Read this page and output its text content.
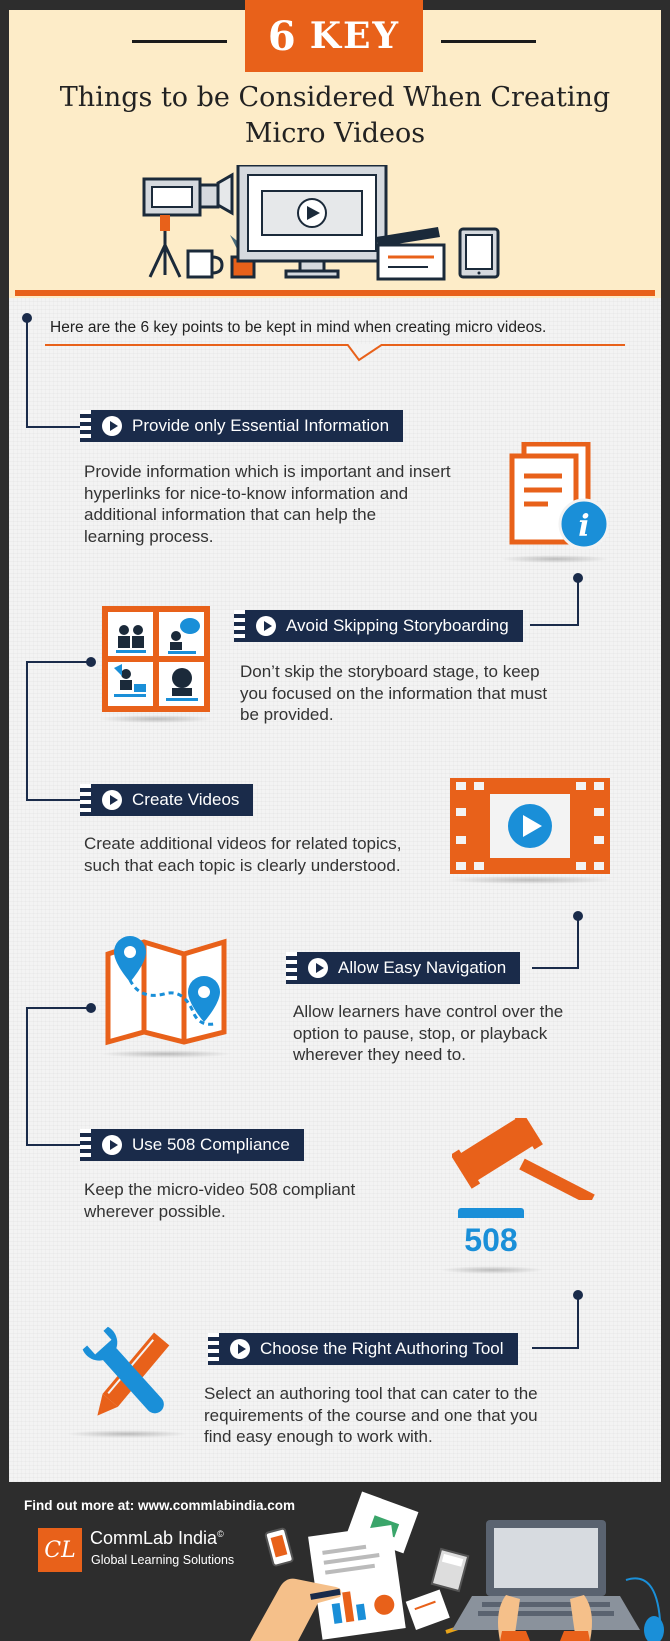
6 KEY
Things to be Considered When Creating
Micro Videos
Here are the 6 key points to be kept in mind when creating micro videos.
Provide only Essential Information
Provide information which is important and insert
hyperlinks for nice-to-know information and
additional information that can help the
learning process.	i
Avoid Skipping Storyboarding
Don’t skip the storyboard stage, to keep
you focused on the information that must
be provided.
Create Videos
Create additional videos for related topics,
such that each topic is clearly understood.
Allow Easy Navigation
Allow learners have control over the
option to pause, stop, or playback
wherever they need to.
Use 508 Compliance
Keep the micro-video 508 compliant
wherever possible.
508
Choose the Right Authoring Tool
Select an authoring tool that can cater to the
requirements of the course and one that you
find easy enough to work with.
Find out more at: www.commlabindia.com
CL CommLab India©
Global Learning Solutions
